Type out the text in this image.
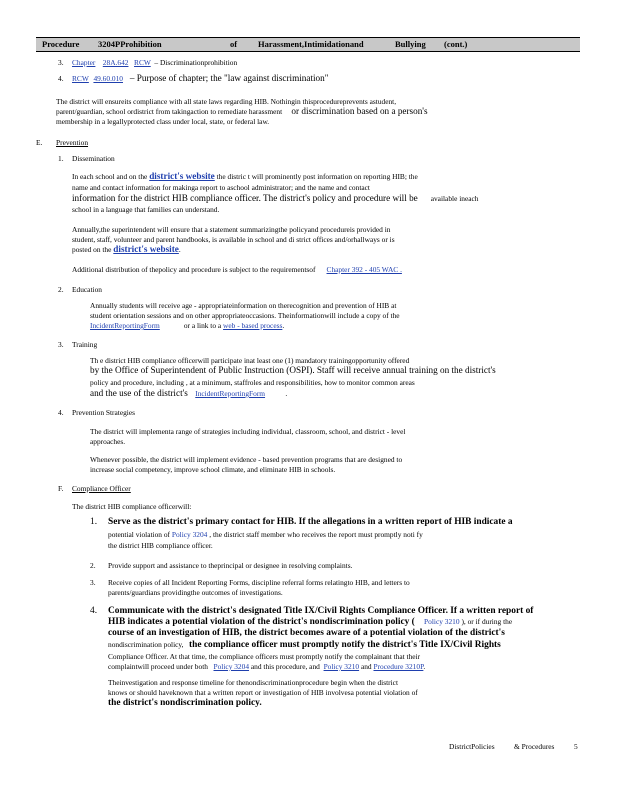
Procedure 3204PProhibition	of Harassment,Intimidationand	Bullying (cont.)
3. Chapter 28A.642 RCW – Discriminationprohibition
4. RCW 49.60.010 – Purpose of chapter; the "law against discrimination"
The district will ensureits compliance with all state laws regarding HIB. Nothingin thisprocedureprevents astudent,
parent/guardian, school ordistrict from takingaction to remediate harassment or discrimination based on a person's
membership in a legallyprotected class under local, state, or federal law.
E. Prevention
1. Dissemination
In each school and on the district's website the distric t will prominently post information on reporting HIB; the
name and contact information for makinga report to aschool administrator; and the name and contact
information for the district HIB compliance officer. The district's policy and procedure will be available ineach
school in a language that families can understand.
Annually,the superintendent will ensure that a statement summarizingthe policyand procedureis provided in
student, staff, volunteer and parent handbooks, is available in school and di strict offices and/orhallways or is
posted on the district's website.
Additional distribution of thepolicy and procedure is subject to the requirementsof Chapter 392 - 405 WAC .
2. Education
Annually students will receive age - appropriateinformation on therecognition and prevention of HIB at
student orientation sessions and on other appropriateoccasions. Theinformationwill include a copy of the
IncidentReportingForm	or a link to a web - based process.
3. Training
Th e district HIB compliance officerwill participate inat least one (1) mandatory trainingopportunity offered
by the Office of Superintendent of Public Instruction (OSPI). Staff will receive annual training on the district's
policy and procedure, including , at a minimum, staffroles and responsibilities, how to monitor common areas
and the use of the district's IncidentReportingForm	.
4. Prevention Strategies
The district will implementa range of strategies including individual, classroom, school, and district - level
approaches.
Whenever possible, the district will implement evidence - based prevention programs that are designed to
increase social competency, improve school climate, and eliminate HIB in schools.
F. Compliance Officer
The district HIB compliance officerwill:
1. Serve as the district's primary contact for HIB. If the allegations in a written report of HIB indicate a
potential violation of Policy 3204 , the district staff member who receives the report must promptly noti fy
the district HIB compliance officer.
2. Provide support and assistance to theprincipal or designee in resolving complaints.
3. Receive copies of all Incident Reporting Forms, discipline referral forms relatingto HIB, and letters to
parents/guardians providingthe outcomes of investigations.
4. Communicate with the district's designated Title IX/Civil Rights Compliance Officer. If a written report of
HIB indicates a potential violation of the district's nondiscrimination policy ( Policy 3210 ), or if during the
course of an investigation of HIB, the district becomes aware of a potential violation of the district's
nondiscrimination policy, the compliance officer must promptly notify the district's Title IX/Civil Rights
Compliance Officer. At that time, the compliance officers must promptly notify the complainant that their
complaintwill proceed under both Policy 3204 and this procedure, and Policy 3210 and Procedure 3210P.
Theinvestigation and response timeline for thenondiscriminationprocedure begin when the district
knows or should haveknown that a written report or investigation of HIB involvesa potential violation of
the district's nondiscrimination policy.
DistrictPolicies	& Procedures	5
